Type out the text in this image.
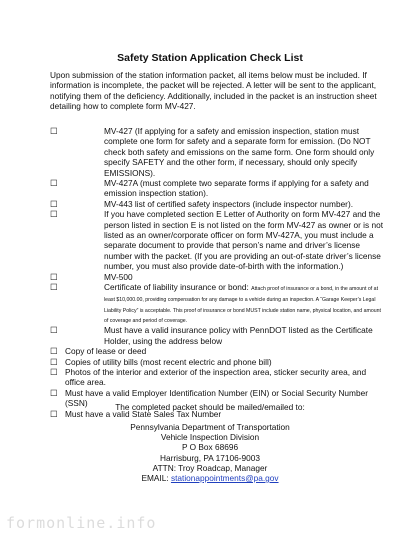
Safety Station Application Check List
Upon submission of the station information packet, all items below must be included. If information is incomplete, the packet will be rejected. A letter will be sent to the applicant, notifying them of the deficiency. Additionally, included in the packet is an instruction sheet detailing how to complete form MV-427.
☐	MV-427 (If applying for a safety and emission inspection, station must complete one form for safety and a separate form for emission. (Do NOT check both safety and emissions on the same form. One form should only specify SAFETY and the other form, if necessary, should only specify EMISSIONS).
☐	MV-427A (must complete two separate forms if applying for a safety and emission inspection station).
☐	MV-443 list of certified safety inspectors (include inspector number).
☐	If you have completed section E Letter of Authority on form MV-427 and the person listed in section E is not listed on the form MV-427 as owner or is not listed as an owner/corporate officer on form MV-427A, you must include a separate document to provide that person’s name and driver’s license number with the packet. (If you are providing an out-of-state driver’s license number, you must also provide date-of-birth with the information.)
☐	MV-500
☐	Certificate of liability insurance or bond: Attach proof of insurance or a bond, in the amount of at least $10,000.00, providing compensation for any damage to a vehicle during an inspection. A “Garage Keeper’s Legal Liability Policy” is acceptable. This proof of insurance or bond MUST include station name, physical location, and amount of coverage and period of coverage.
☐	Must have a valid insurance policy with PennDOT listed as the Certificate Holder, using the address below
☐ Copy of lease or deed
☐ Copies of utility bills (most recent electric and phone bill)
☐ Photos of the interior and exterior of the inspection area, sticker security area, and office area.
☐ Must have a valid Employer Identification Number (EIN) or Social Security Number (SSN)
☐ Must have a valid State Sales Tax Number
The completed packet should be mailed/emailed to:
Pennsylvania Department of Transportation
Vehicle Inspection Division
P O Box 68696
Harrisburg, PA 17106-9003
ATTN: Troy Roadcap, Manager
EMAIL: stationappointments@pa.gov
formonline.info
